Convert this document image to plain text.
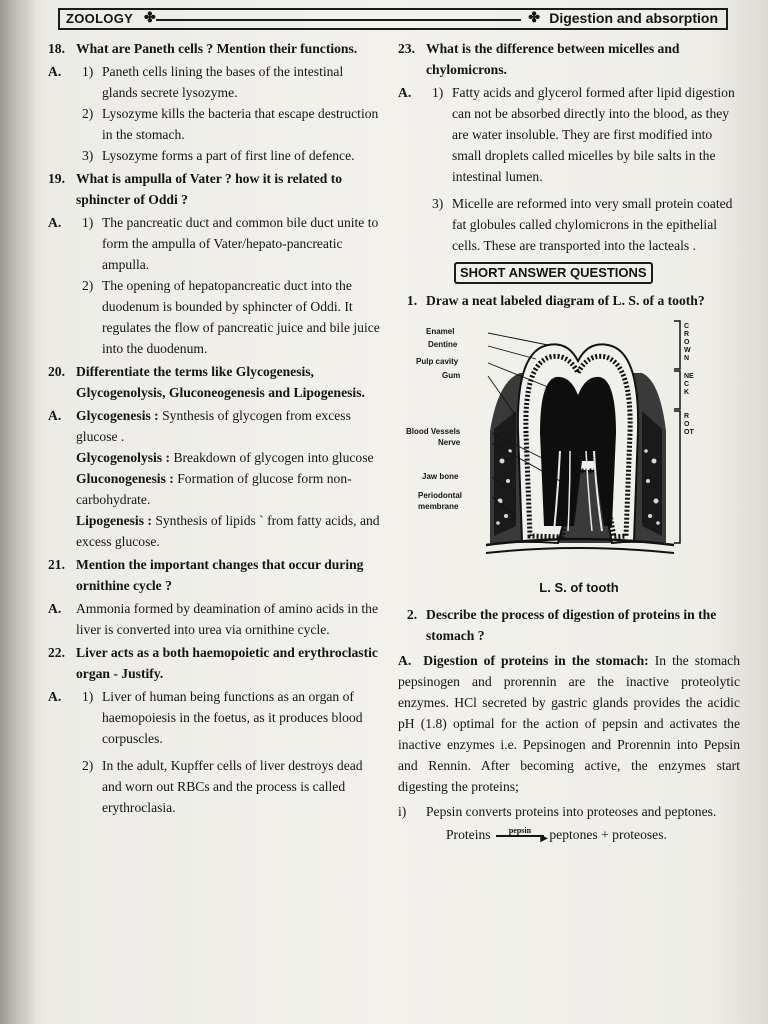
ZOOLOGY ✤	✤ Digestion and absorption
18. What are Paneth cells ? Mention their functions.
A.	1) Paneth cells lining the bases of the intestinal glands secrete lysozyme.
2) Lysozyme kills the bacteria that escape destruction in the stomach.
3) Lysozyme forms a part of first line of defence.
19. What is ampulla of Vater ? how it is related to sphincter of Oddi ?
A.	1) The pancreatic duct and common bile duct unite to form the ampulla of Vater/hepato-pancreatic ampulla.
2) The opening of hepatopancreatic duct into the duodenum is bounded by sphincter of Oddi. It regulates the flow of pancreatic juice and bile juice into the duodenum.
20. Differentiate the terms like Glycogenesis, Glycogenolysis, Gluconeogenesis and Lipogenesis.
A.	Glycogenesis : Synthesis of glycogen from excess glucose .
Glycogenolysis : Breakdown of glycogen into glucose
Gluconogenesis : Formation of glucose form non-carbohydrate.
Lipogenesis : Synthesis of lipids ` from fatty acids, and excess glucose.
21. Mention the important changes that occur during ornithine cycle ?
A.	Ammonia formed by deamination of amino acids in the liver is converted into urea via ornithine cycle.
22. Liver acts as a both haemopoietic and erythroclastic organ - Justify.
A.	1) Liver of human being functions as an organ of haemopoiesis in the foetus, as it produces blood corpuscles.
2) In the adult, Kupffer cells of liver destroys dead and worn out RBCs and the process is called erythroclasia.
23. What is the difference between micelles and chylomicrons.
A.	1) Fatty acids and glycerol formed after lipid digestion can not be absorbed directly into the blood, as they are water insoluble. They are first modified into small droplets called micelles by bile salts in the intestinal lumen.
3) Micelle are reformed into very small protein coated fat globules called chylomicrons in the epithelial cells. These are transported into the lacteals .
SHORT ANSWER QUESTIONS
1. Draw a neat labeled diagram of L. S. of a tooth?
Enamel
Dentine
Pulp cavity
Gum
Blood Vessels
Nerve
Jaw bone
Periodontal
membrane
CROWN
NECK
ROOT
L. S. of tooth
2. Describe the process of digestion of proteins in the stomach ?
A. Digestion of proteins in the stomach: In the stomach pepsinogen and prorennin are the inactive proteolytic enzymes. HCl secreted by gastric glands provides the acidic pH (1.8) optimal for the action of pepsin and activates the inactive enzymes i.e. Pepsinogen and Prorennin into Pepsin and Rennin. After becoming active, the enzymes start digesting the proteins;
i)	Pepsin converts proteins into proteoses and peptones.
Proteins $^{pepsin}$
▶ peptones + proteoses.
